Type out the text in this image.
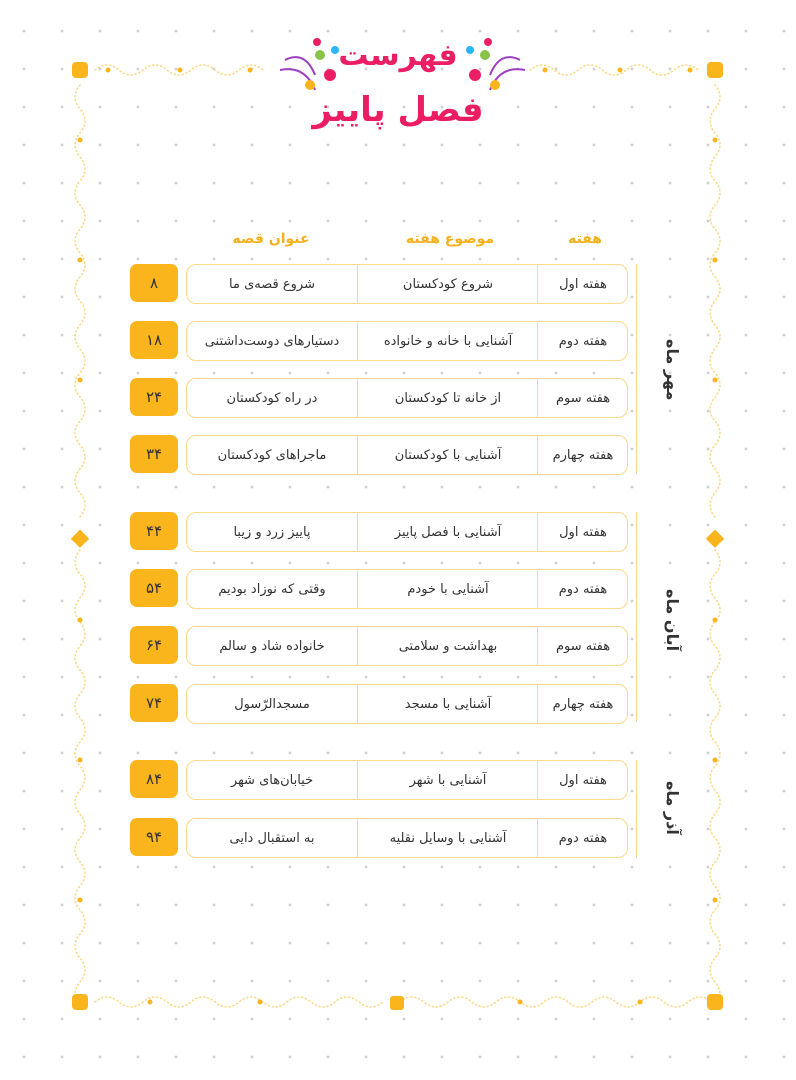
فهرست
فصل پاییز
هفته
موضوع هفته
عنوان قصه
مهر ماه
۸	شروع قصه‌ی ما	شروع کودکستان	هفته اول
۱۸	دستیارهای دوست‌داشتنی	آشنایی با خانه و خانواده	هفته دوم
۲۴	در راه کودکستان	از خانه تا کودکستان	هفته سوم
۳۴	ماجراهای کودکستان	آشنایی با کودکستان	هفته چهارم
آبان ماه
۴۴	پاییز زرد و زیبا	آشنایی با فصل پاییز	هفته اول
۵۴	وقتی که نوزاد بودیم	آشنایی با خودم	هفته دوم
۶۴	خانواده شاد و سالم	بهداشت و سلامتی	هفته سوم
۷۴	مسجدالرّسول	آشنایی با مسجد	هفته چهارم
آذر ماه
۸۴	خیابان‌های شهر	آشنایی با شهر	هفته اول
۹۴	به استقبال دایی	آشنایی با وسایل نقلیه	هفته دوم
